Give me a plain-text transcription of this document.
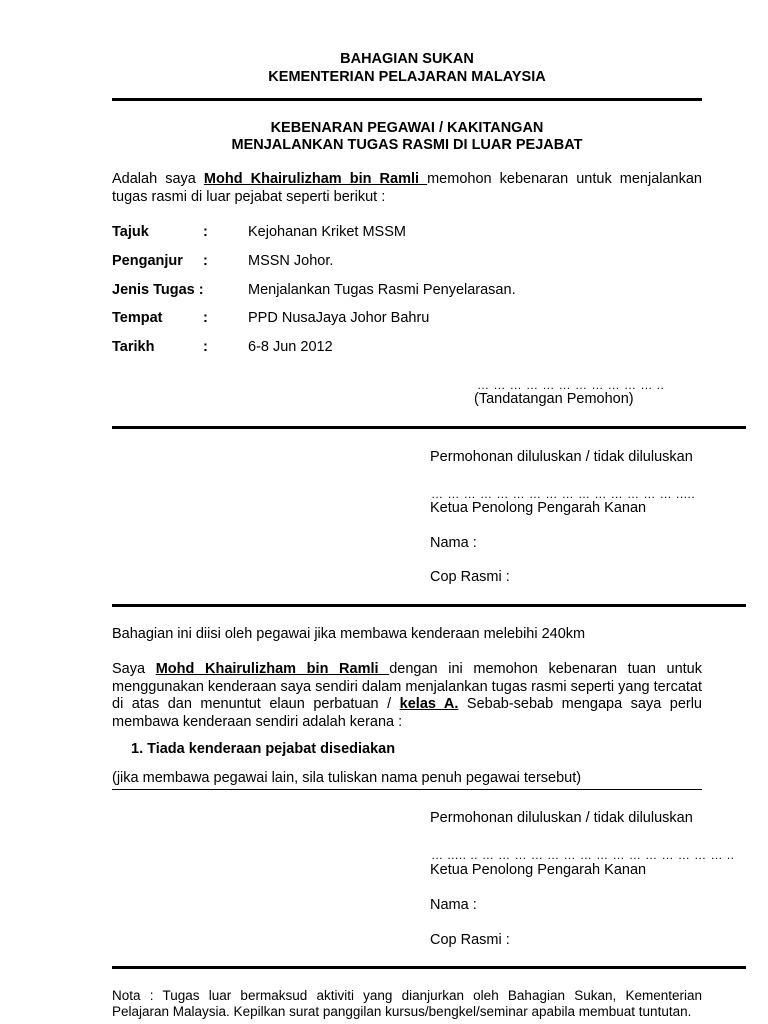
BAHAGIAN SUKAN
KEMENTERIAN PELAJARAN MALAYSIA
KEBENARAN PEGAWAI / KAKITANGAN
MENJALANKAN TUGAS RASMI DI LUAR PEJABAT
Adalah saya Mohd Khairulizham bin Ramli memohon kebenaran untuk menjalankan tugas rasmi di luar pejabat seperti berikut :
Tajuk	:	Kejohanan Kriket MSSM
Penganjur :	MSSN Johor.
Jenis Tugas :	Menjalankan Tugas Rasmi Penyelarasan.
Tempat	:	PPD NusaJaya Johor Bahru
Tarikh	:	6-8 Jun 2012
… … … … … … … … … … … ..
(Tandatangan Pemohon)
Permohonan diluluskan / tidak diluluskan
… … … … … … … … … … … … … … … .....
Ketua Penolong Pengarah Kanan
Nama :
Cop Rasmi :
Bahagian ini diisi oleh pegawai jika membawa kenderaan melebihi 240km
Saya Mohd Khairulizham bin Ramli dengan ini memohon kebenaran tuan untuk menggunakan kenderaan saya sendiri dalam menjalankan tugas rasmi seperti yang tercatat di atas dan menuntut elaun perbatuan / kelas A. Sebab-sebab mengapa saya perlu membawa kenderaan sendiri adalah kerana :
1. Tiada kenderaan pejabat disediakan
(jika membawa pegawai lain, sila tuliskan nama penuh pegawai tersebut)
Permohonan diluluskan / tidak diluluskan
… ..... .. … … … … … … … … … … … … … … … ..
Ketua Penolong Pengarah Kanan
Nama :
Cop Rasmi :
Nota : Tugas luar bermaksud aktiviti yang dianjurkan oleh Bahagian Sukan, Kementerian Pelajaran Malaysia. Kepilkan surat panggilan kursus/bengkel/seminar apabila membuat tuntutan.
